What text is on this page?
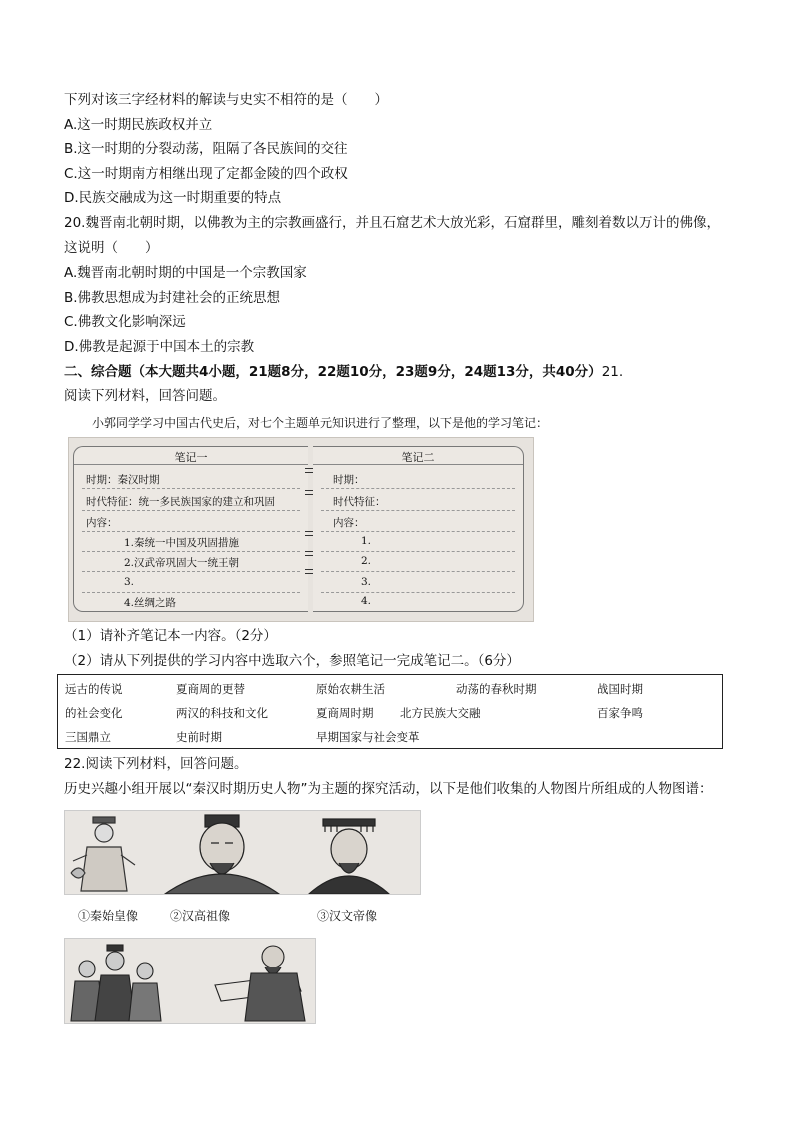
下列对该三字经材料的解读与史实不相符的是（　　）
A.这一时期民族政权并立
B.这一时期的分裂动荡，阻隔了各民族间的交往
C.这一时期南方相继出现了定都金陵的四个政权
D.民族交融成为这一时期重要的特点
20.魏晋南北朝时期，以佛教为主的宗教画盛行，并且石窟艺术大放光彩，石窟群里，雕刻着数以万计的佛像，
这说明（　　）
A.魏晋南北朝时期的中国是一个宗教国家
B.佛教思想成为封建社会的正统思想
C.佛教文化影响深远
D.佛教是起源于中国本土的宗教
二、综合题（本大题共4小题，21题8分，22题10分，23题9分，24题13分，共40分）21.
阅读下列材料，回答问题。
小郭同学学习中国古代史后，对七个主题单元知识进行了整理，以下是他的学习笔记：
笔记一
时期：秦汉时期
时代特征：统一多民族国家的建立和巩固
内容：
1.秦统一中国及巩固措施
2.汉武帝巩固大一统王朝
3.
4.丝绸之路
笔记二
时期：
时代特征：
内容：
1.
2.
3.
4.
（1）请补齐笔记本一内容。（2分）
（2）请从下列提供的学习内容中选取六个，参照笔记一完成笔记二。（6分）
远古的传说	夏商周的更替	原始农耕生活	动荡的春秋时期	战国时期
的社会变化	两汉的科技和文化	夏商周时期 北方民族大交融	百家争鸣
三国鼎立	史前时期	早期国家与社会变革
22.阅读下列材料，回答问题。
历史兴趣小组开展以“秦汉时期历史人物”为主题的探究活动，以下是他们收集的人物图片所组成的人物图谱：
①秦始皇像	②汉高祖像	③汉文帝像
